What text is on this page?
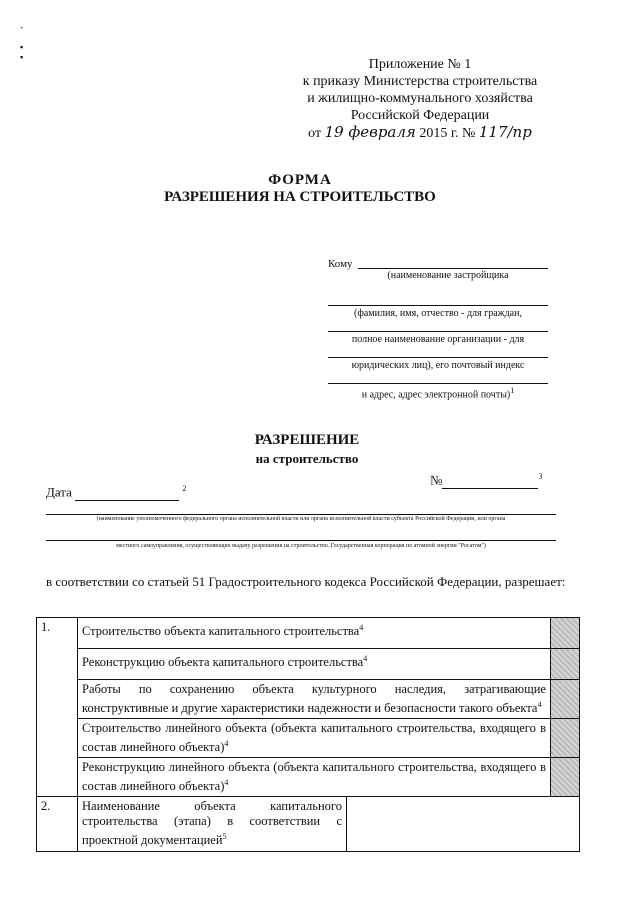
-

▪
▪	Приложение № 1
к приказу Министерства строительства
и жилищно-коммунального хозяйства
Российской Федерации
от 19 февраля 2015 г. № 117/пр
ФОРМА
РАЗРЕШЕНИЯ НА СТРОИТЕЛЬСТВО
Кому
(наименование застройщика
(фамилия, имя, отчество - для граждан,
полное наименование организации - для
юридических лиц), его почтовый индекс
и адрес, адрес электронной почты)$^1$
РАЗРЕШЕНИЕ
на строительство
Дата	$^2$
№	$^3$
(наименование уполномоченного федерального органа исполнительной власти или органа исполнительной власти субъекта Российской Федерации, или органа
местного самоуправления, осуществляющих выдачу разрешения на строительство. Государственная корпорация по атомной энергии "Росатом")
в соответствии со статьей 51 Градостроительного кодекса Российской Федерации, разрешает:
1.	Строительство объекта капитального строительства$^4$	
	Реконструкцию объекта капитального строительства$^4$	
	Работы по сохранению объекта культурного наследия, затрагивающие конструктивные и другие характеристики надежности и безопасности такого объекта$^4$	
	Строительство линейного объекта (объекта капитального строительства, входящего в состав линейного объекта)$^4$	
	Реконструкцию линейного объекта (объекта капитального строительства, входящего в состав линейного объекта)$^4$	
2.	Наименование объекта капитального строительства (этапа) в соответствии с проектной документацией$^5$	
